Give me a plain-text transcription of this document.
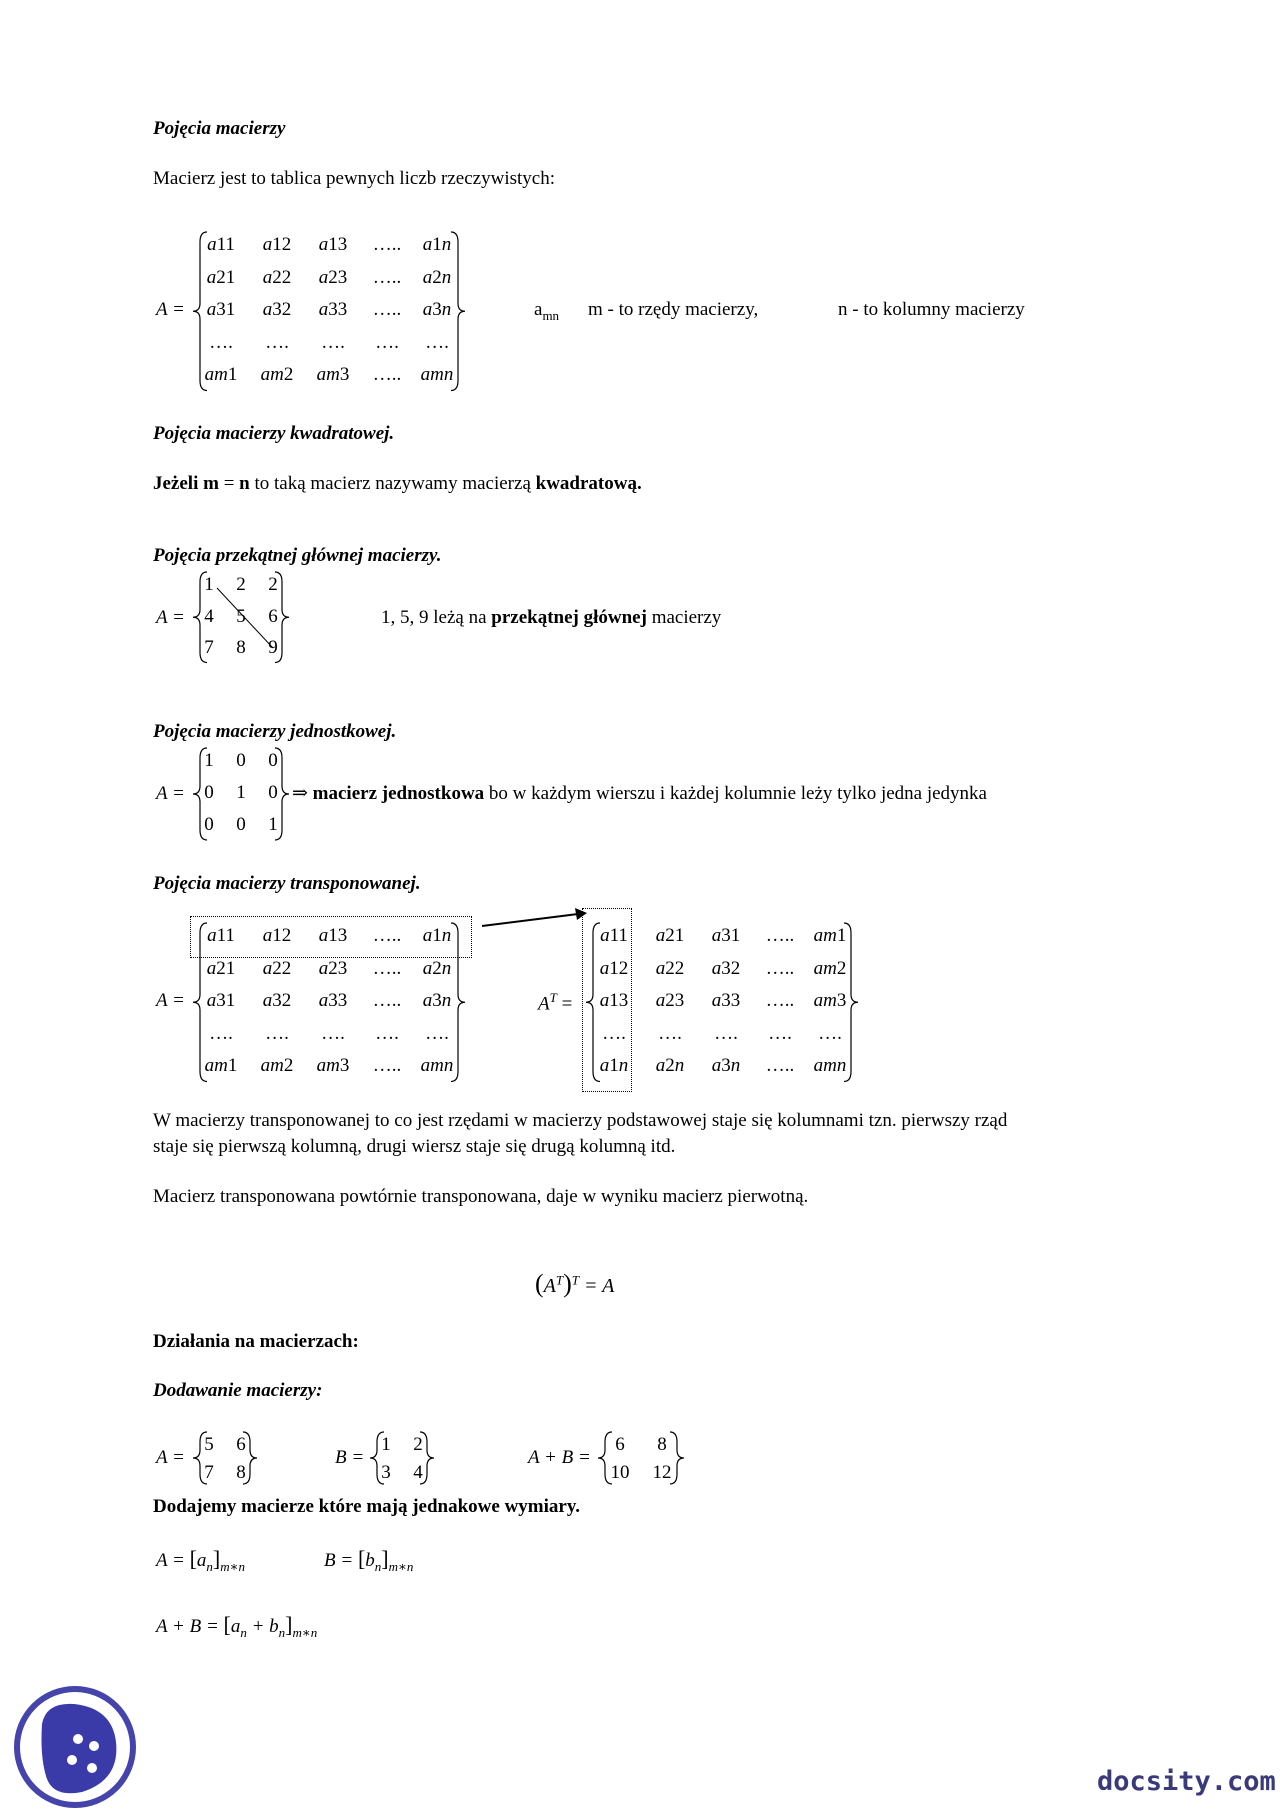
Pojęcia macierzy
Macierz jest to tablica pewnych liczb rzeczywistych:
A =
a11	a12	a13	…..	a1n
a21	a22	a23	…..	a2n
a31	a32	a33	…..	a3n
….	….	….	….	….
am1	am2	am3	…..	amn
$a_{mn}$ m - to rzędy macierzy,	n - to kolumny macierzy
Pojęcia macierzy kwadratowej.
Jeżeli m = n to taką macierz nazywamy macierzą kwadratową.
Pojęcia przekątnej głównej macierzy.
A =
1	2	2
4	5	6
7	8	9
1, 5, 9 leżą na przekątnej głównej macierzy
Pojęcia macierzy jednostkowej.
A =
1	0	0
0	1	0
0	0	1
⇒ macierz jednostkowa bo w każdym wierszu i każdej kolumnie leży tylko jedna jedynka
Pojęcia macierzy transponowanej.
A =
a11	a12	a13	…..	a1n
a21	a22	a23	…..	a2n
a31	a32	a33	…..	a3n
….	….	….	….	….
am1	am2	am3	…..	amn
$A^T$ =
a11	a21	a31	…..	am1
a12	a22	a32	…..	am2
a13	a23	a33	…..	am3
….	….	….	….	….
a1n	a2n	a3n	…..	amn
W macierzy transponowanej to co jest rzędami w macierzy podstawowej staje się kolumnami tzn. pierwszy rząd
staje się pierwszą kolumną, drugi wiersz staje się drugą kolumną itd.
Macierz transponowana powtórnie transponowana, daje w wyniku macierz pierwotną.
$(A^T)^T = A$
Działania na macierzach:
Dodawanie macierzy:
A =
5	6
7	8
B =
1	2
3	4
A + B =
6	8
10	12
Dodajemy macierze które mają jednakowe wymiary.
$A = [a_n]_{m∗n}$	$B = [b_n]_{m∗n}$
$A + B = [a_n + b_n]_{m∗n}$
docsity.com
